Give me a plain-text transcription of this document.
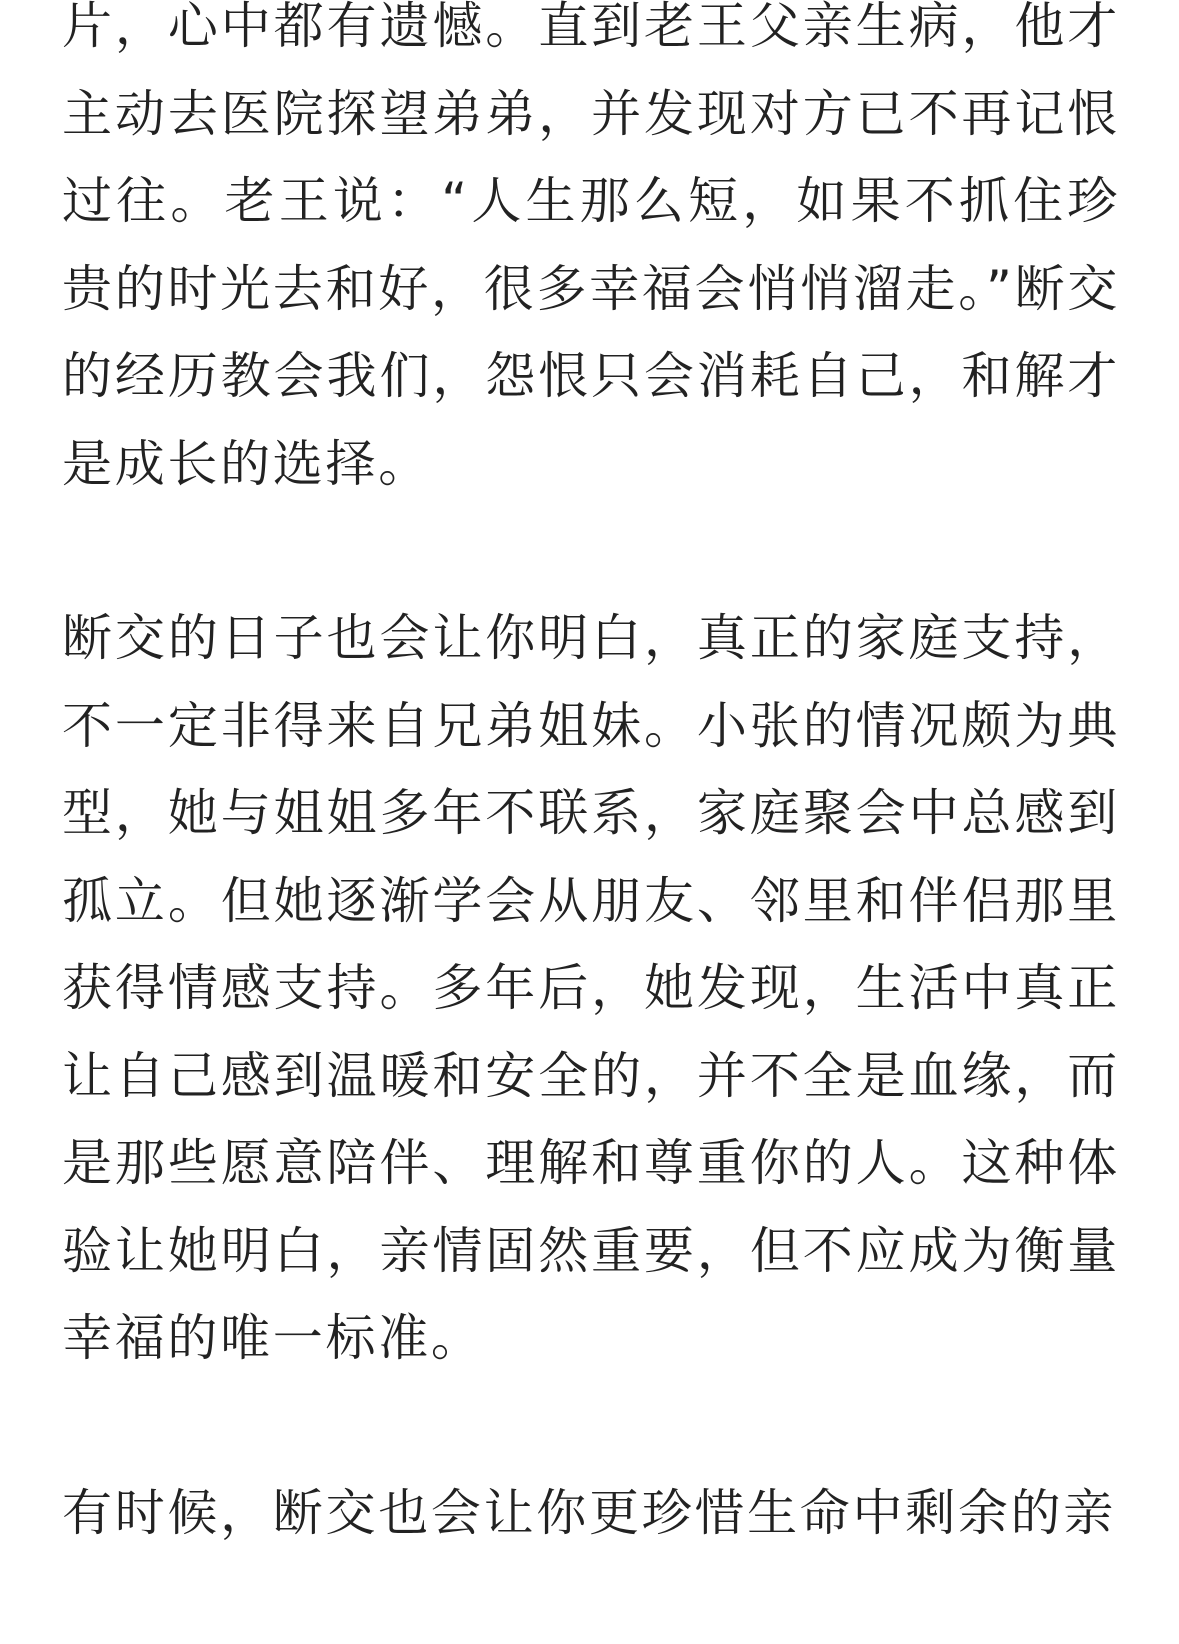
片，心中都有遗憾。直到老王父亲生病，他才主动去医院探望弟弟，并发现对方已不再记恨过往。老王说：“人生那么短，如果不抓住珍贵的时光去和好，很多幸福会悄悄溜走。”断交的经历教会我们，怨恨只会消耗自己，和解才是成长的选择。

断交的日子也会让你明白，真正的家庭支持，不一定非得来自兄弟姐妹。小张的情况颇为典型，她与姐姐多年不联系，家庭聚会中总感到孤立。但她逐渐学会从朋友、邻里和伴侣那里获得情感支持。多年后，她发现，生活中真正让自己感到温暖和安全的，并不全是血缘，而是那些愿意陪伴、理解和尊重你的人。这种体验让她明白，亲情固然重要，但不应成为衡量幸福的唯一标准。

有时候，断交也会让你更珍惜生命中剩余的亲
